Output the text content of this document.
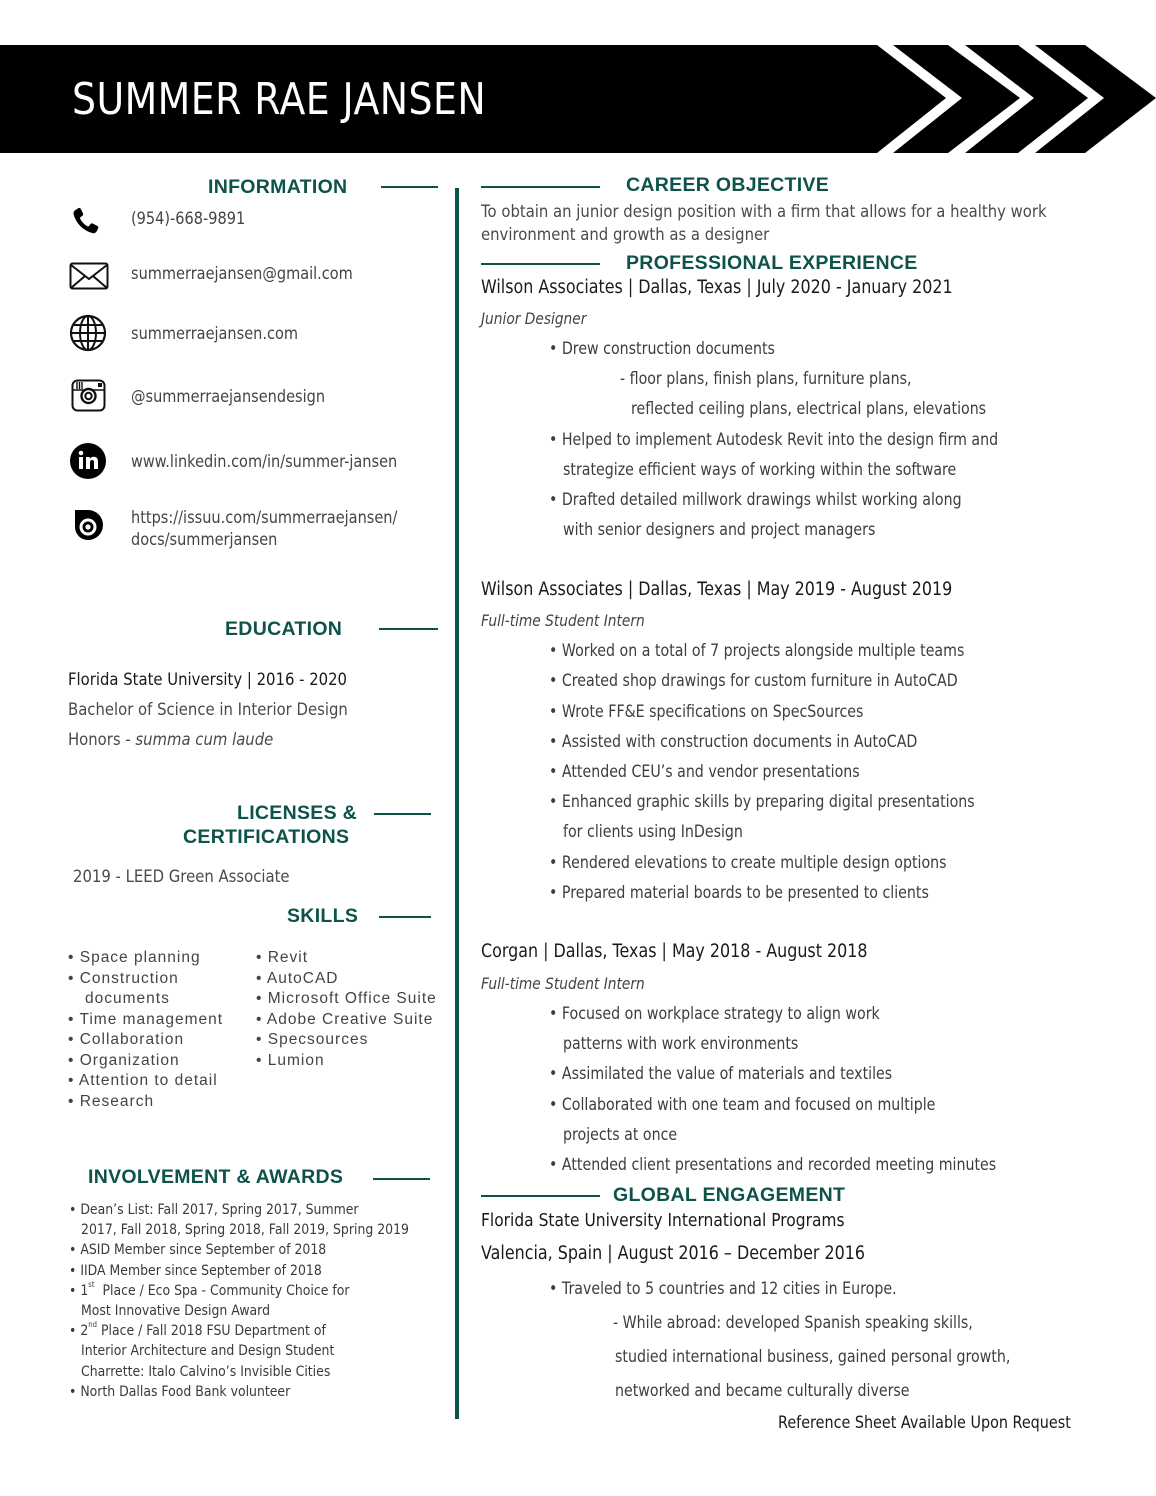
SUMMER RAE JANSEN
INFORMATION
(954)-668-9891
summerraejansen@gmail.com
summerraejansen.com
@summerraejansendesign
www.linkedin.com/in/summer-jansen
https://issuu.com/summerraejansen/
docs/summerjansen
EDUCATION
Florida State University | 2016 - 2020
Bachelor of Science in Interior Design
Honors - summa cum laude
LICENSES &
CERTIFICATIONS
2019 - LEED Green Associate
SKILLS
• Space planning
• Construction
documents
• Time management
• Collaboration
• Organization
• Attention to detail
• Research
• Revit
• AutoCAD
• Microsoft Office Suite
• Adobe Creative Suite
• Specsources
• Lumion
INVOLVEMENT & AWARDS
• Dean’s List: Fall 2017, Spring 2017, Summer
2017, Fall 2018, Spring 2018, Fall 2019, Spring 2019
• ASID Member since September of 2018
• IIDA Member since September of 2018
• 1st Place / Eco Spa - Community Choice for
Most Innovative Design Award
• 2nd Place / Fall 2018 FSU Department of
Interior Architecture and Design Student
Charrette: Italo Calvino’s Invisible Cities
• North Dallas Food Bank volunteer
CAREER OBJECTIVE
To obtain an junior design position with a firm that allows for a healthy work
environment and growth as a designer
PROFESSIONAL EXPERIENCE
Wilson Associates | Dallas, Texas | July 2020 - January 2021
Junior Designer
• Drew construction documents
- floor plans, finish plans, furniture plans,
reflected ceiling plans, electrical plans, elevations
• Helped to implement Autodesk Revit into the design firm and
strategize efficient ways of working within the software
• Drafted detailed millwork drawings whilst working along
with senior designers and project managers
Wilson Associates | Dallas, Texas | May 2019 - August 2019
Full-time Student Intern
• Worked on a total of 7 projects alongside multiple teams
• Created shop drawings for custom furniture in AutoCAD
• Wrote FF&E specifications on SpecSources
• Assisted with construction documents in AutoCAD
• Attended CEU’s and vendor presentations
• Enhanced graphic skills by preparing digital presentations
for clients using InDesign
• Rendered elevations to create multiple design options
• Prepared material boards to be presented to clients
Corgan | Dallas, Texas | May 2018 - August 2018
Full-time Student Intern
• Focused on workplace strategy to align work
patterns with work environments
• Assimilated the value of materials and textiles
• Collaborated with one team and focused on multiple
projects at once
• Attended client presentations and recorded meeting minutes
GLOBAL ENGAGEMENT
Florida State University International Programs
Valencia, Spain | August 2016 – December 2016
• Traveled to 5 countries and 12 cities in Europe.
- While abroad: developed Spanish speaking skills,
studied international business, gained personal growth,
networked and became culturally diverse
Reference Sheet Available Upon Request
